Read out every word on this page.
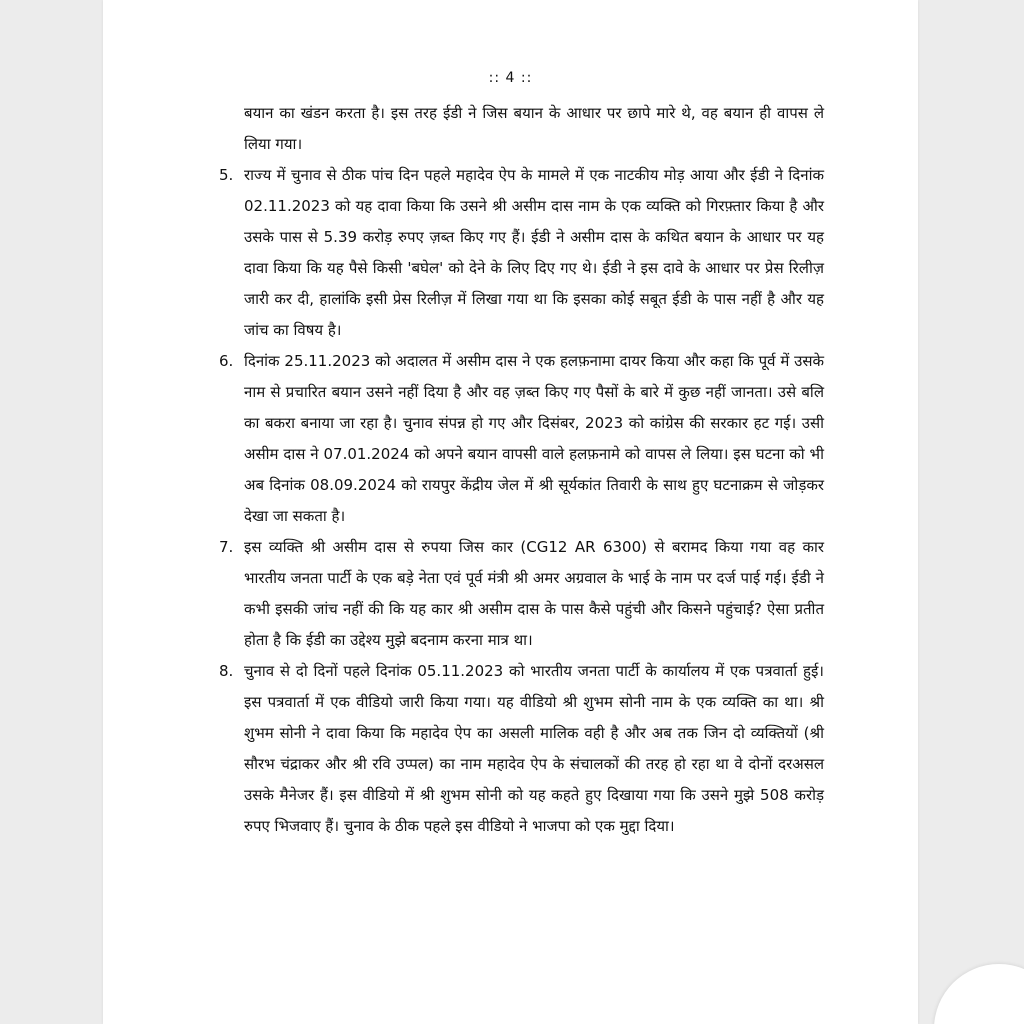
:: 4 ::
बयान का खंडन करता है। इस तरह ईडी ने जिस बयान के आधार पर छापे मारे थे, वह बयान ही वापस ले लिया गया।
5. राज्य में चुनाव से ठीक पांच दिन पहले महादेव ऐप के मामले में एक नाटकीय मोड़ आया और ईडी ने दिनांक 02.11.2023 को यह दावा किया कि उसने श्री असीम दास नाम के एक व्यक्ति को गिरफ़्तार किया है और उसके पास से 5.39 करोड़ रुपए ज़ब्त किए गए हैं। ईडी ने असीम दास के कथित बयान के आधार पर यह दावा किया कि यह पैसे किसी 'बघेल' को देने के लिए दिए गए थे। ईडी ने इस दावे के आधार पर प्रेस रिलीज़ जारी कर दी, हालांकि इसी प्रेस रिलीज़ में लिखा गया था कि इसका कोई सबूत ईडी के पास नहीं है और यह जांच का विषय है।
6. दिनांक 25.11.2023 को अदालत में असीम दास ने एक हलफ़नामा दायर किया और कहा कि पूर्व में उसके नाम से प्रचारित बयान उसने नहीं दिया है और वह ज़ब्त किए गए पैसों के बारे में कुछ नहीं जानता। उसे बलि का बकरा बनाया जा रहा है। चुनाव संपन्न हो गए और दिसंबर, 2023 को कांग्रेस की सरकार हट गई। उसी असीम दास ने 07.01.2024 को अपने बयान वापसी वाले हलफ़नामे को वापस ले लिया। इस घटना को भी अब दिनांक 08.09.2024 को रायपुर केंद्रीय जेल में श्री सूर्यकांत तिवारी के साथ हुए घटनाक्रम से जोड़कर देखा जा सकता है।
7. इस व्यक्ति श्री असीम दास से रुपया जिस कार (CG12 AR 6300) से बरामद किया गया वह कार भारतीय जनता पार्टी के एक बड़े नेता एवं पूर्व मंत्री श्री अमर अग्रवाल के भाई के नाम पर दर्ज पाई गई। ईडी ने कभी इसकी जांच नहीं की कि यह कार श्री असीम दास के पास कैसे पहुंची और किसने पहुंचाई? ऐसा प्रतीत होता है कि ईडी का उद्देश्य मुझे बदनाम करना मात्र था।
8. चुनाव से दो दिनों पहले दिनांक 05.11.2023 को भारतीय जनता पार्टी के कार्यालय में एक पत्रवार्ता हुई। इस पत्रवार्ता में एक वीडियो जारी किया गया। यह वीडियो श्री शुभम सोनी नाम के एक व्यक्ति का था। श्री शुभम सोनी ने दावा किया कि महादेव ऐप का असली मालिक वही है और अब तक जिन दो व्यक्तियों (श्री सौरभ चंद्राकर और श्री रवि उप्पल) का नाम महादेव ऐप के संचालकों की तरह हो रहा था वे दोनों दरअसल उसके मैनेजर हैं। इस वीडियो में श्री शुभम सोनी को यह कहते हुए दिखाया गया कि उसने मुझे 508 करोड़ रुपए भिजवाए हैं। चुनाव के ठीक पहले इस वीडियो ने भाजपा को एक मुद्दा दिया।
